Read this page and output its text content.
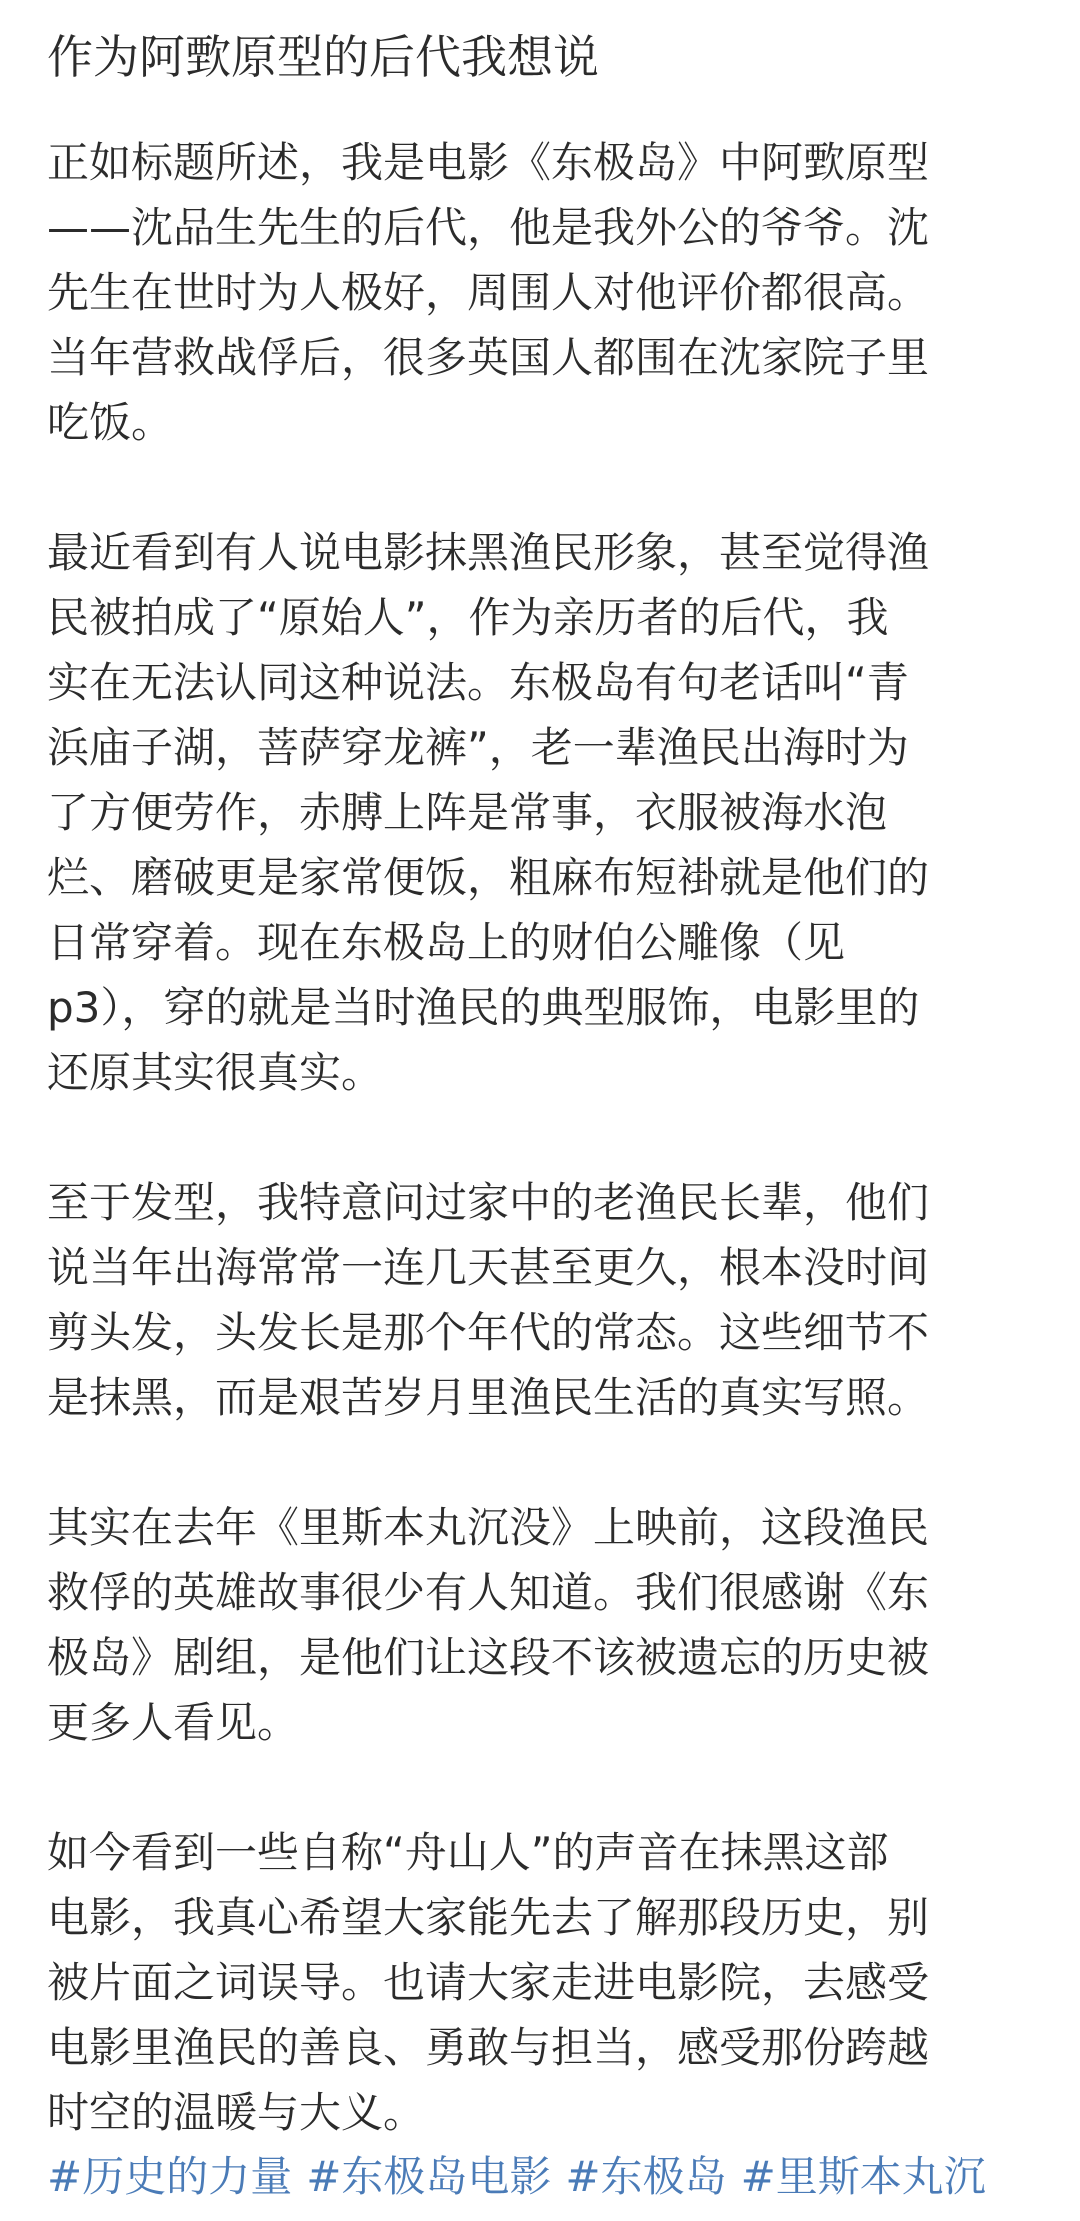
作为阿歅原型的后代我想说

正如标题所述，我是电影《东极岛》中阿歅原型
——沈品生先生的后代，他是我外公的爷爷。沈
先生在世时为人极好，周围人对他评价都很高。
当年营救战俘后，很多英国人都围在沈家院子里
吃饭。

最近看到有人说电影抹黑渔民形象，甚至觉得渔
民被拍成了“原始人”，作为亲历者的后代，我
实在无法认同这种说法。东极岛有句老话叫“青
浜庙子湖，菩萨穿龙裤”，老一辈渔民出海时为
了方便劳作，赤膊上阵是常事，衣服被海水泡
烂、磨破更是家常便饭，粗麻布短褂就是他们的
日常穿着。现在东极岛上的财伯公雕像（见
p3），穿的就是当时渔民的典型服饰，电影里的
还原其实很真实。

至于发型，我特意问过家中的老渔民长辈，他们
说当年出海常常一连几天甚至更久，根本没时间
剪头发，头发长是那个年代的常态。这些细节不
是抹黑，而是艰苦岁月里渔民生活的真实写照。

其实在去年《里斯本丸沉没》上映前，这段渔民
救俘的英雄故事很少有人知道。我们很感谢《东
极岛》剧组，是他们让这段不该被遗忘的历史被
更多人看见。

如今看到一些自称“舟山人”的声音在抹黑这部
电影，我真心希望大家能先去了解那段历史，别
被片面之词误导。也请大家走进电影院，去感受
电影里渔民的善良、勇敢与担当，感受那份跨越
时空的温暖与大义。

#历史的力量 #东极岛电影 #东极岛 #里斯本丸沉
